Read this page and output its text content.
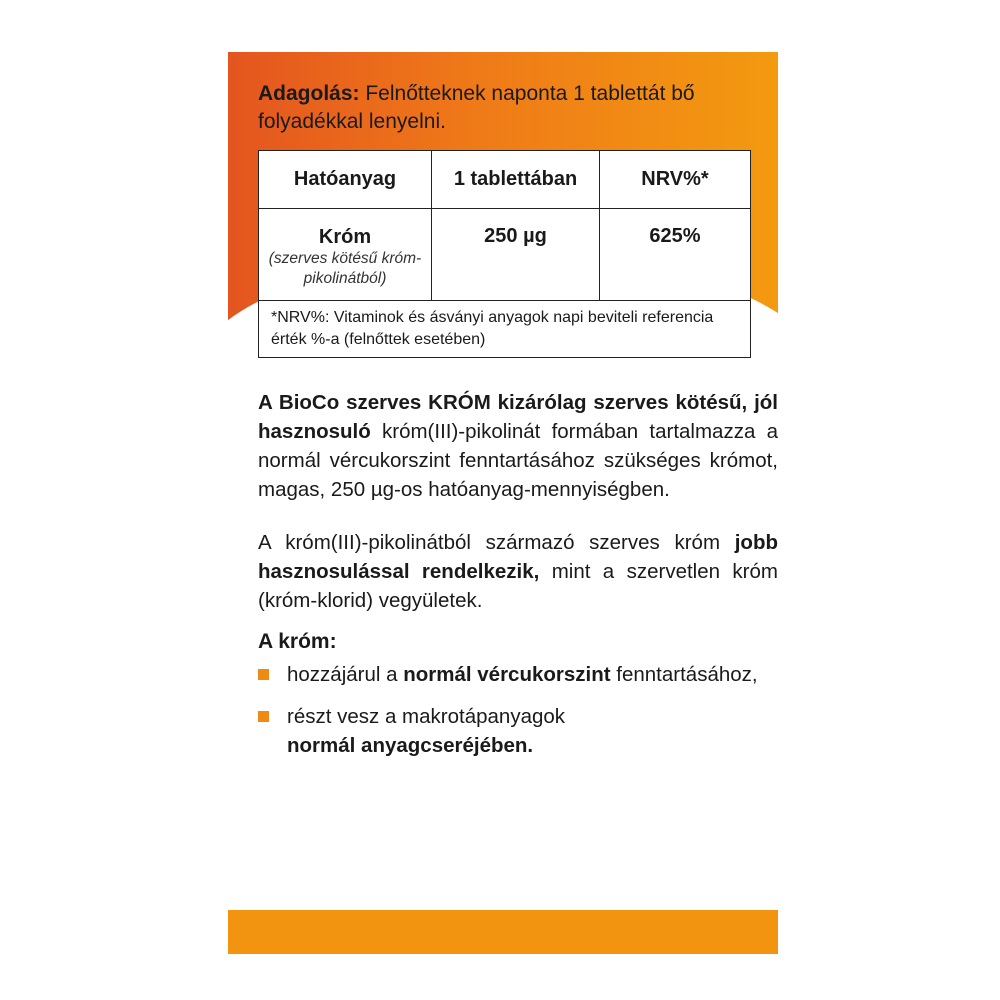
Adagolás: Felnőtteknek naponta 1 tablettát bő folyadékkal lenyelni.
Hatóanyag	1 tablettában	NRV%*

Króm
(szerves kötésű króm-pikolinátból)	250 µg	625%
*NRV%: Vitaminok és ásványi anyagok napi beviteli referencia érték %-a (felnőttek esetében)		
A BioCo szerves KRÓM kizárólag szerves kötésű, jól hasznosuló króm(III)-pikolinát formában tartalmazza a normál vércukorszint fenntartásához szükséges krómot, magas, 250 µg-os hatóanyag-mennyiségben.
A króm(III)-pikolinátból származó szerves króm jobb hasznosulással rendelkezik, mint a szervetlen króm (króm-klorid) vegyületek.
A króm:
hozzájárul a normál vércukorszint fenntartásához,
részt vesz a makrotápanyagok
normál anyagcseréjében.
